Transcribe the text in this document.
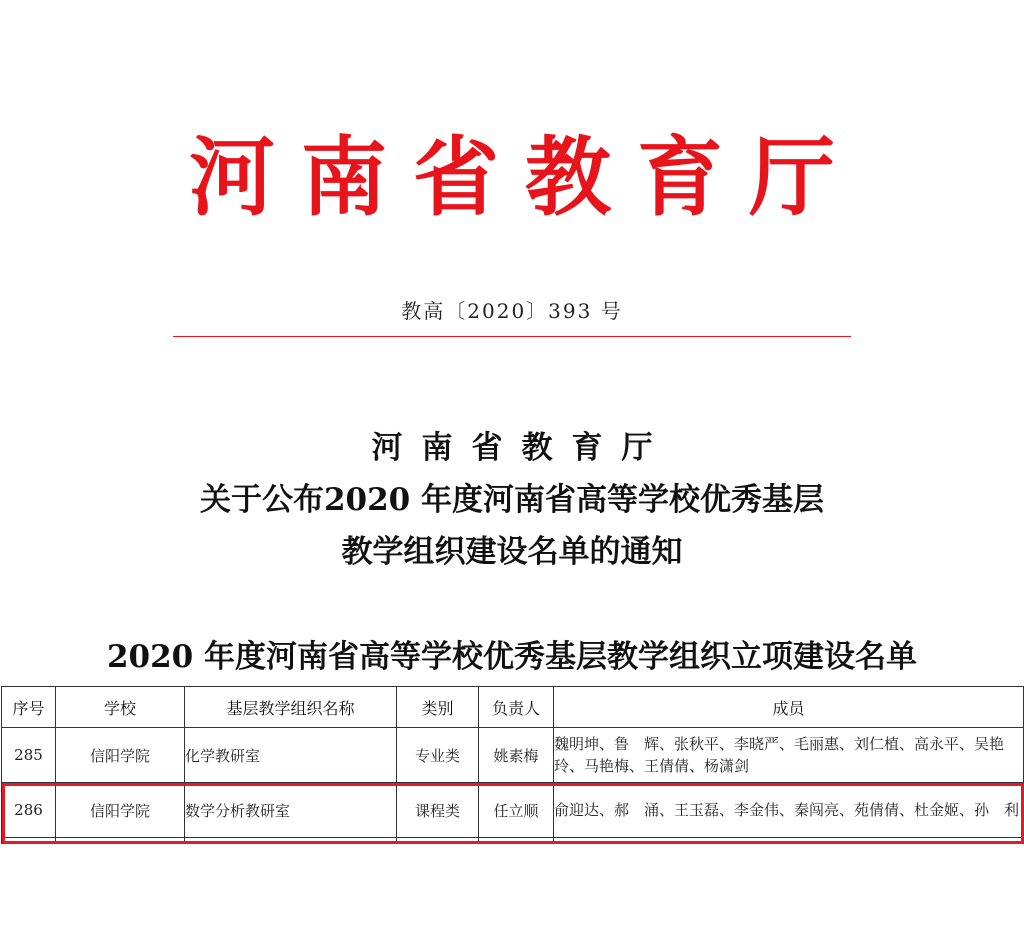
河南省教育厅
教高〔2020〕393 号
河南省教育厅
关于公布2020 年度河南省高等学校优秀基层
教学组织建设名单的通知
2020 年度河南省高等学校优秀基层教学组织立项建设名单
序号	学校	基层教学组织名称	类别	负责人	成员
285	信阳学院	化学教研室	专业类	姚素梅	魏明坤、鲁　辉、张秋平、李晓严、毛丽惠、刘仁植、高永平、吴艳玲、马艳梅、王倩倩、杨潇剑
286	信阳学院	数学分析教研室	课程类	任立顺	俞迎达、郝　涌、王玉磊、李金伟、秦闯亮、苑倩倩、杜金姬、孙　利
